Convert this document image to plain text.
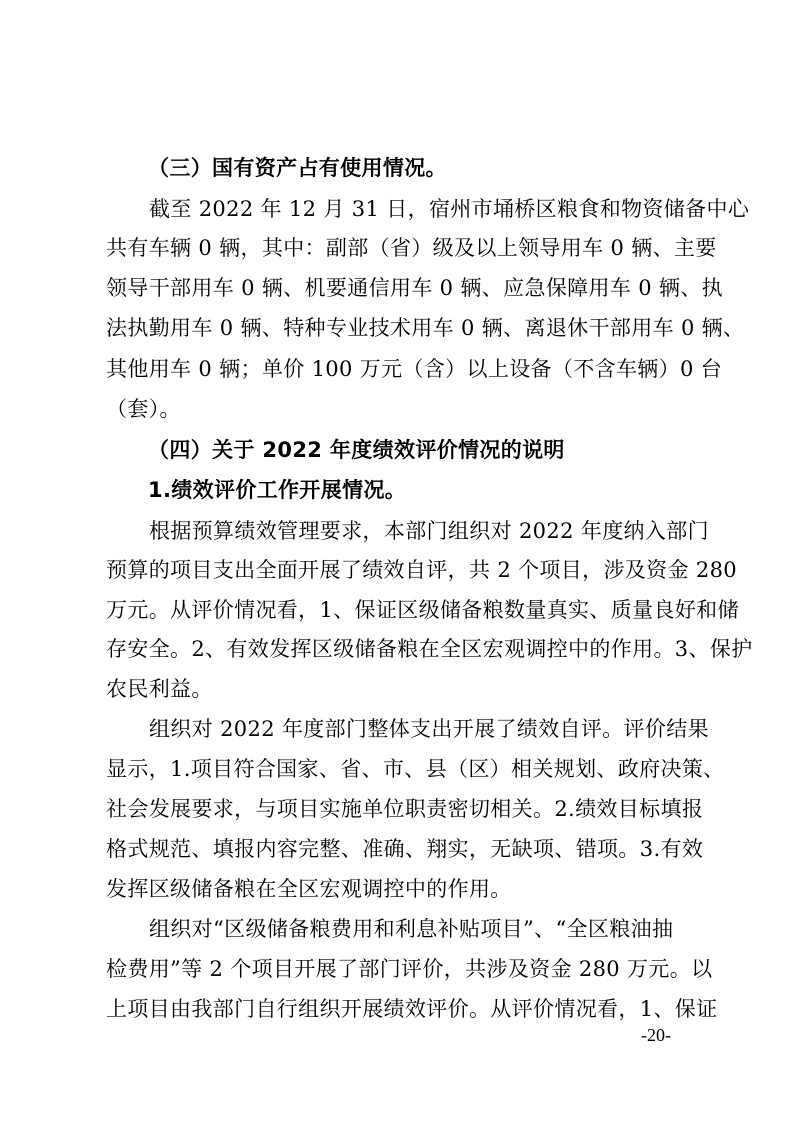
（三）国有资产占有使用情况。
截至 2022 年 12 月 31 日，宿州市埇桥区粮食和物资储备中心
共有车辆 0 辆，其中：副部（省）级及以上领导用车 0 辆、主要
领导干部用车 0 辆、机要通信用车 0 辆、应急保障用车 0 辆、执
法执勤用车 0 辆、特种专业技术用车 0 辆、离退休干部用车 0 辆、
其他用车 0 辆；单价 100 万元（含）以上设备（不含车辆）0 台
（套）。
（四）关于 2022 年度绩效评价情况的说明
1.绩效评价工作开展情况。
根据预算绩效管理要求，本部门组织对 2022 年度纳入部门
预算的项目支出全面开展了绩效自评，共 2 个项目，涉及资金 280
万元。从评价情况看，1、保证区级储备粮数量真实、质量良好和储
存安全。2、有效发挥区级储备粮在全区宏观调控中的作用。3、保护
农民利益。
组织对 2022 年度部门整体支出开展了绩效自评。评价结果
显示，1.项目符合国家、省、市、县（区）相关规划、政府决策、
社会发展要求，与项目实施单位职责密切相关。2.绩效目标填报
格式规范、填报内容完整、准确、翔实，无缺项、错项。3.有效
发挥区级储备粮在全区宏观调控中的作用。
组织对“区级储备粮费用和利息补贴项目”、“全区粮油抽
检费用”等 2 个项目开展了部门评价，共涉及资金 280 万元。以
上项目由我部门自行组织开展绩效评价。从评价情况看，1、保证
-20-
